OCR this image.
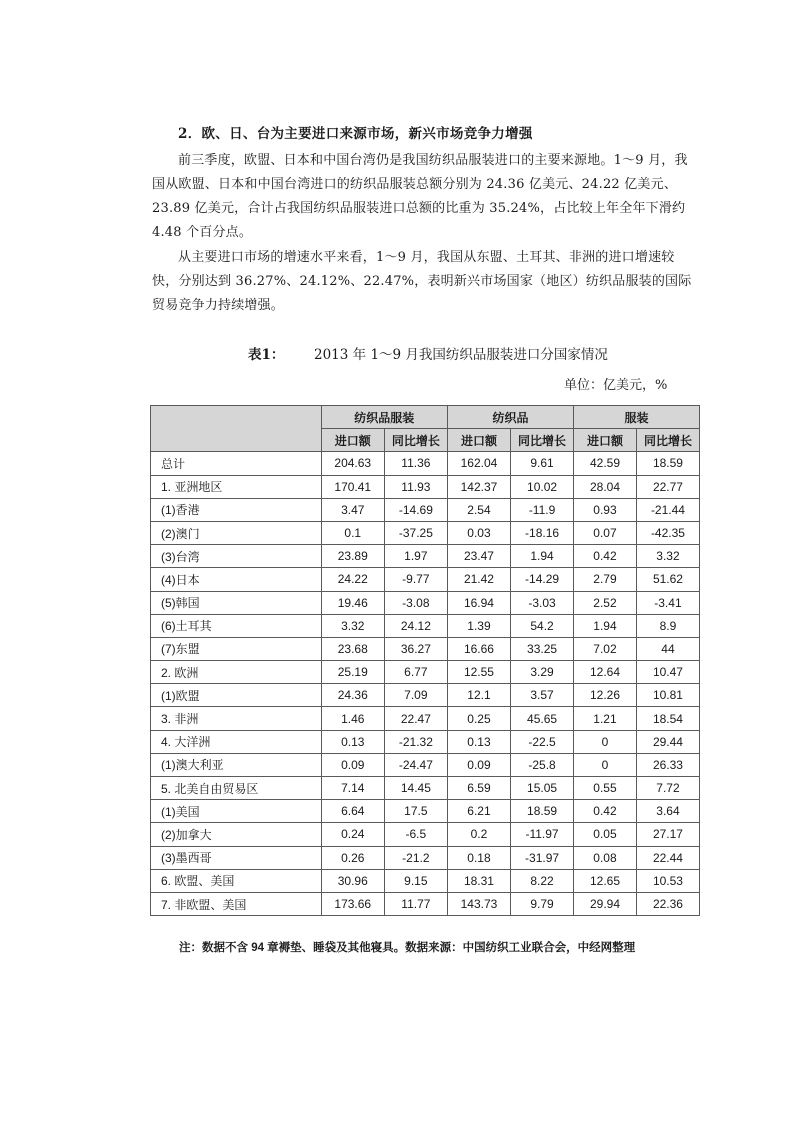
2．欧、日、台为主要进口来源市场，新兴市场竞争力增强
前三季度，欧盟、日本和中国台湾仍是我国纺织品服装进口的主要来源地。1～9 月，我国从欧盟、日本和中国台湾进口的纺织品服装总额分别为 24.36 亿美元、24.22 亿美元、23.89 亿美元，合计占我国纺织品服装进口总额的比重为 35.24%，占比较上年全年下滑约 4.48 个百分点。
从主要进口市场的增速水平来看，1～9 月，我国从东盟、土耳其、非洲的进口增速较快，分别达到 36.27%、24.12%、22.47%，表明新兴市场国家（地区）纺织品服装的国际贸易竞争力持续增强。
表1： 2013 年 1～9 月我国纺织品服装进口分国家情况
单位：亿美元，%
	纺织品服装		纺织品		服装	
	进口额	同比增长	进口额	同比增长	进口额	同比增长
总计	204.63	11.36	162.04	9.61	42.59	18.59
1. 亚洲地区	170.41	11.93	142.37	10.02	28.04	22.77
(1)香港	3.47	-14.69	2.54	-11.9	0.93	-21.44
(2)澳门	0.1	-37.25	0.03	-18.16	0.07	-42.35
(3)台湾	23.89	1.97	23.47	1.94	0.42	3.32
(4)日本	24.22	-9.77	21.42	-14.29	2.79	51.62
(5)韩国	19.46	-3.08	16.94	-3.03	2.52	-3.41
(6)土耳其	3.32	24.12	1.39	54.2	1.94	8.9
(7)东盟	23.68	36.27	16.66	33.25	7.02	44
2. 欧洲	25.19	6.77	12.55	3.29	12.64	10.47
(1)欧盟	24.36	7.09	12.1	3.57	12.26	10.81
3. 非洲	1.46	22.47	0.25	45.65	1.21	18.54
4. 大洋洲	0.13	-21.32	0.13	-22.5	0	29.44
(1)澳大利亚	0.09	-24.47	0.09	-25.8	0	26.33
5. 北美自由贸易区	7.14	14.45	6.59	15.05	0.55	7.72
(1)美国	6.64	17.5	6.21	18.59	0.42	3.64
(2)加拿大	0.24	-6.5	0.2	-11.97	0.05	27.17
(3)墨西哥	0.26	-21.2	0.18	-31.97	0.08	22.44
6. 欧盟、美国	30.96	9.15	18.31	8.22	12.65	10.53
7. 非欧盟、美国	173.66	11.77	143.73	9.79	29.94	22.36
注：数据不含 94 章褥垫、睡袋及其他寝具。数据来源：中国纺织工业联合会，中经网整理
